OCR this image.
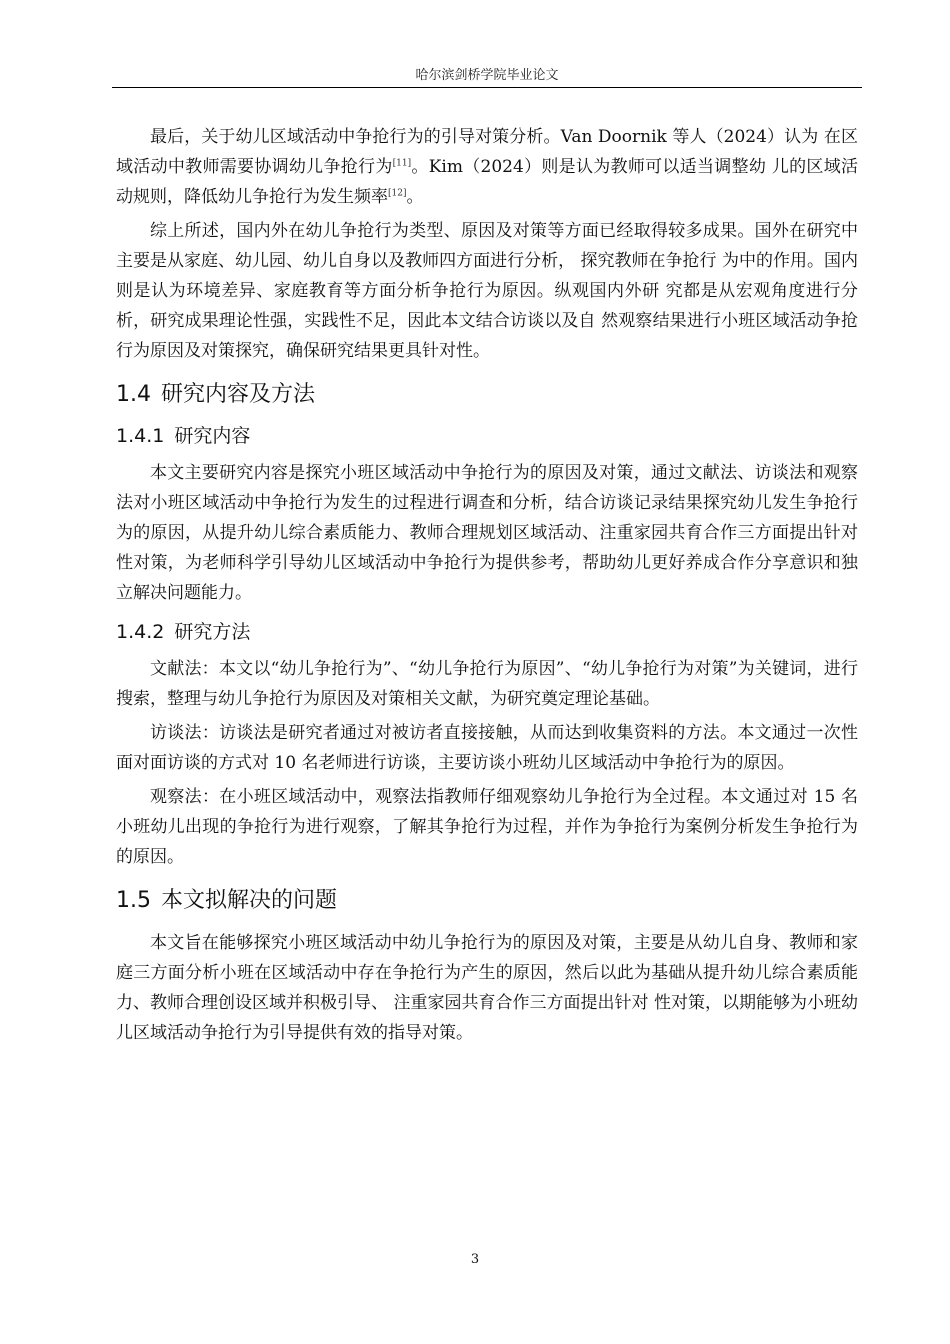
哈尔滨剑桥学院毕业论文

最后，关于幼儿区域活动中争抢行为的引导对策分析。Van Doornik 等人（2024）认为 在区域活动中教师需要协调幼儿争抢行为[11]。Kim（2024）则是认为教师可以适当调整幼 儿的区域活动规则，降低幼儿争抢行为发生频率[12]。

综上所述，国内外在幼儿争抢行为类型、原因及对策等方面已经取得较多成果。国外在研究中主要是从家庭、幼儿园、幼儿自身以及教师四方面进行分析， 探究教师在争抢行 为中的作用。国内则是认为环境差异、家庭教育等方面分析争抢行为原因。纵观国内外研 究都是从宏观角度进行分析，研究成果理论性强，实践性不足，因此本文结合访谈以及自 然观察结果进行小班区域活动争抢行为原因及对策探究，确保研究结果更具针对性。

1.4 研究内容及方法
1.4.1 研究内容

本文主要研究内容是探究小班区域活动中争抢行为的原因及对策，通过文献法、访谈法和观察法对小班区域活动中争抢行为发生的过程进行调查和分析，结合访谈记录结果探究幼儿发生争抢行为的原因，从提升幼儿综合素质能力、教师合理规划区域活动、注重家园共育合作三方面提出针对性对策，为老师科学引导幼儿区域活动中争抢行为提供参考，帮助幼儿更好养成合作分享意识和独立解决问题能力。

1.4.2 研究方法

文献法：本文以“幼儿争抢行为”、“幼儿争抢行为原因”、“幼儿争抢行为对策”为关键词，进行搜索，整理与幼儿争抢行为原因及对策相关文献，为研究奠定理论基础。

访谈法：访谈法是研究者通过对被访者直接接触，从而达到收集资料的方法。本文通过一次性面对面访谈的方式对 10 名老师进行访谈，主要访谈小班幼儿区域活动中争抢行为的原因。

观察法：在小班区域活动中，观察法指教师仔细观察幼儿争抢行为全过程。本文通过对 15 名小班幼儿出现的争抢行为进行观察，了解其争抢行为过程，并作为争抢行为案例分析发生争抢行为的原因。

1.5 本文拟解决的问题

本文旨在能够探究小班区域活动中幼儿争抢行为的原因及对策，主要是从幼儿自身、教师和家庭三方面分析小班在区域活动中存在争抢行为产生的原因，然后以此为基础从提升幼儿综合素质能力、教师合理创设区域并积极引导、 注重家园共育合作三方面提出针对 性对策，以期能够为小班幼儿区域活动争抢行为引导提供有效的指导对策。

3
